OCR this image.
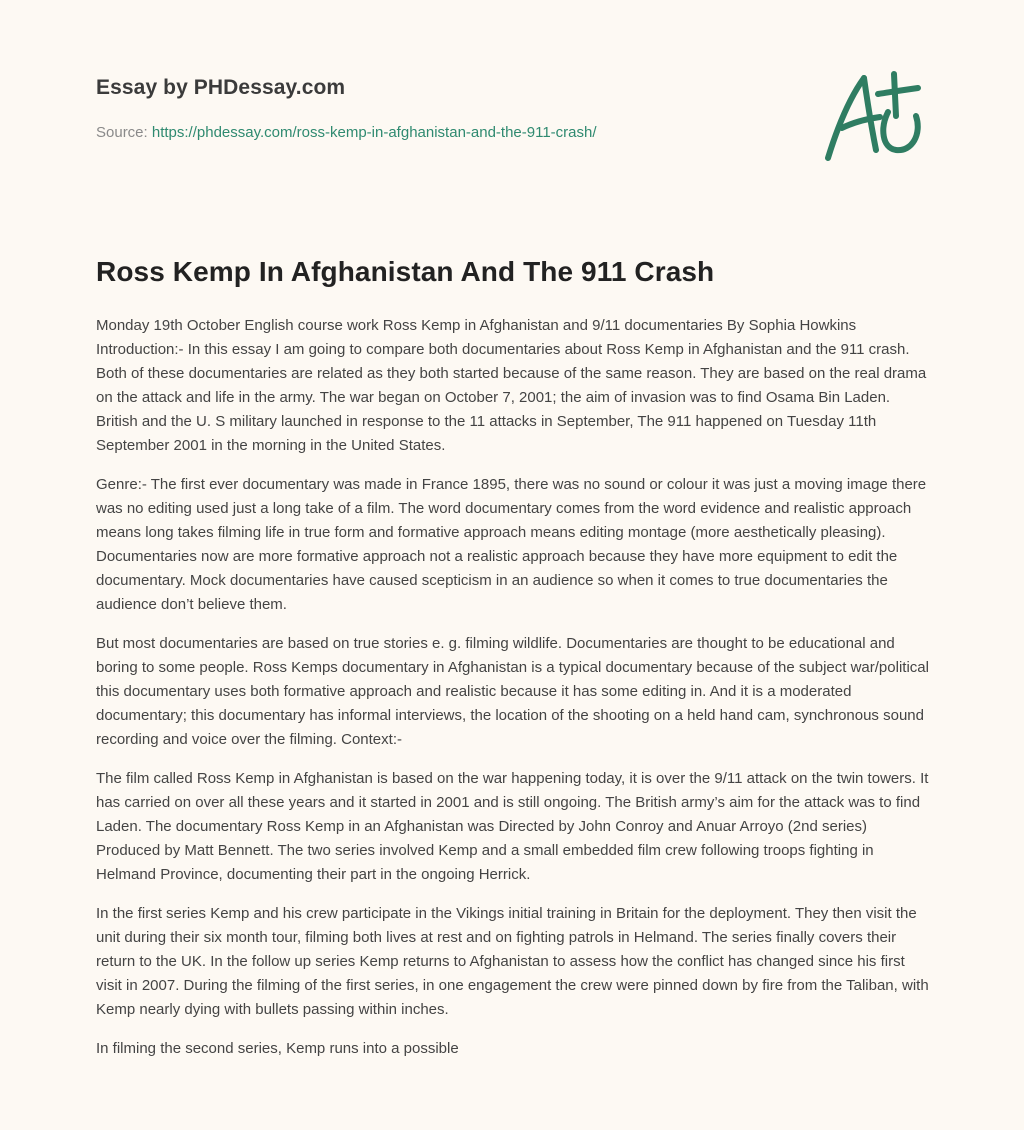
Essay by PHDessay.com
Source: https://phdessay.com/ross-kemp-in-afghanistan-and-the-911-crash/
Ross Kemp In Afghanistan And The 911 Crash

Monday 19th October English course work Ross Kemp in Afghanistan and 9/11 documentaries By Sophia Howkins Introduction:- In this essay I am going to compare both documentaries about Ross Kemp in Afghanistan and the 911 crash. Both of these documentaries are related as they both started because of the same reason. They are based on the real drama on the attack and life in the army. The war began on October 7, 2001; the aim of invasion was to find Osama Bin Laden. British and the U. S military launched in response to the 11 attacks in September, The 911 happened on Tuesday 11th September 2001 in the morning in the United States.

Genre:- The first ever documentary was made in France 1895, there was no sound or colour it was just a moving image there was no editing used just a long take of a film. The word documentary comes from the word evidence and realistic approach means long takes filming life in true form and formative approach means editing montage (more aesthetically pleasing). Documentaries now are more formative approach not a realistic approach because they have more equipment to edit the documentary. Mock documentaries have caused scepticism in an audience so when it comes to true documentaries the audience don’t believe them.

But most documentaries are based on true stories e. g. filming wildlife. Documentaries are thought to be educational and boring to some people. Ross Kemps documentary in Afghanistan is a typical documentary because of the subject war/political this documentary uses both formative approach and realistic because it has some editing in. And it is a moderated documentary; this documentary has informal interviews, the location of the shooting on a held hand cam, synchronous sound recording and voice over the filming. Context:-

The film called Ross Kemp in Afghanistan is based on the war happening today, it is over the 9/11 attack on the twin towers. It has carried on over all these years and it started in 2001 and is still ongoing. The British army’s aim for the attack was to find Laden. The documentary Ross Kemp in an Afghanistan was Directed by John Conroy and Anuar Arroyo (2nd series) Produced by Matt Bennett. The two series involved Kemp and a small embedded film crew following troops fighting in Helmand Province, documenting their part in the ongoing Herrick.

In the first series Kemp and his crew participate in the Vikings initial training in Britain for the deployment. They then visit the unit during their six month tour, filming both lives at rest and on fighting patrols in Helmand. The series finally covers their return to the UK. In the follow up series Kemp returns to Afghanistan to assess how the conflict has changed since his first visit in 2007. During the filming of the first series, in one engagement the crew were pinned down by fire from the Taliban, with Kemp nearly dying with bullets passing within inches.

In filming the second series, Kemp runs into a possible
